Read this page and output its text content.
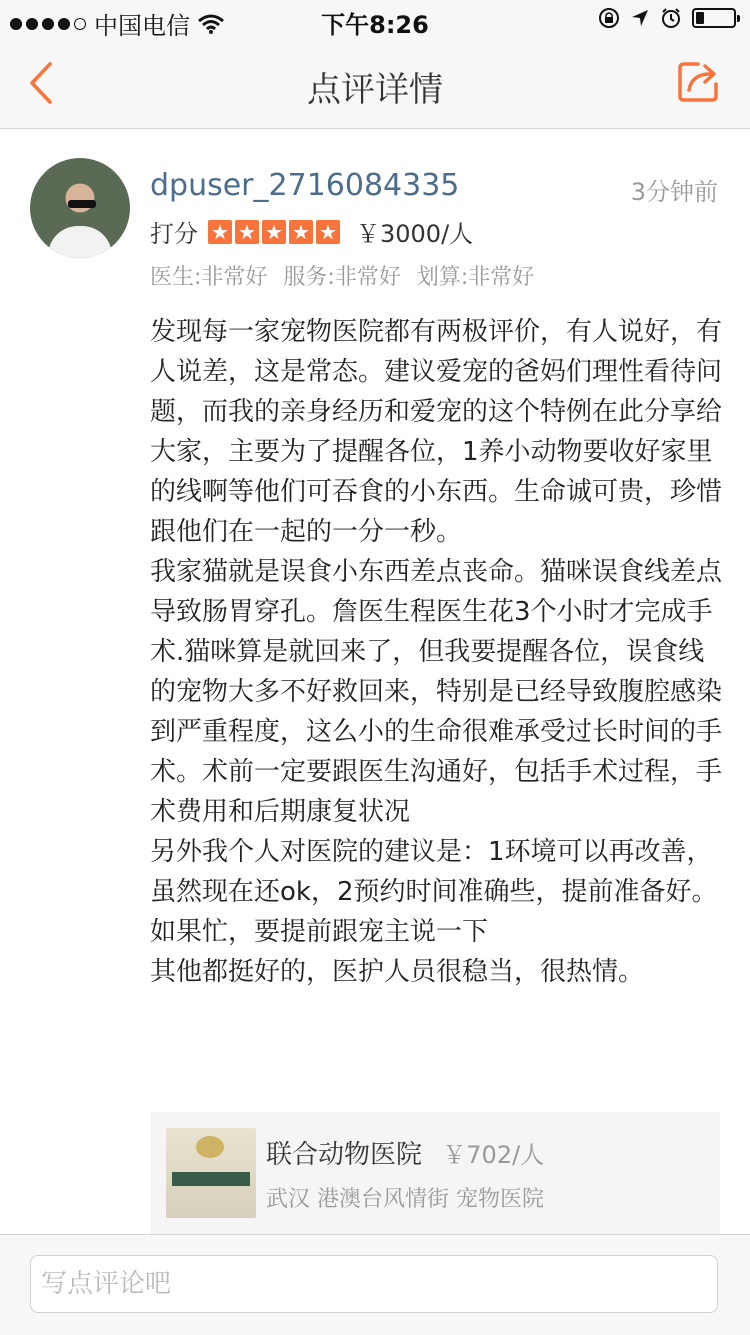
中国电信	下午8:26
点评详情
dpuser_2716084335	3分钟前
打分 ★ ★ ★ ★ ★ ￥3000/人
医生:非常好 服务:非常好 划算:非常好

发现每一家宠物医院都有两极评价，有人说好，有人说差，这是常态。建议爱宠的爸妈们理性看待问题，而我的亲身经历和爱宠的这个特例在此分享给大家，主要为了提醒各位，1养小动物要收好家里的线啊等他们可吞食的小东西。生命诚可贵，珍惜跟他们在一起的一分一秒。

我家猫就是误食小东西差点丧命。猫咪误食线差点导致肠胃穿孔。詹医生程医生花3个小时才完成手术.猫咪算是就回来了，但我要提醒各位，误食线的宠物大多不好救回来，特别是已经导致腹腔感染到严重程度，这么小的生命很难承受过长时间的手术。术前一定要跟医生沟通好，包括手术过程，手术费用和后期康复状况

另外我个人对医院的建议是：1环境可以再改善，虽然现在还ok，2预约时间准确些，提前准备好。如果忙，要提前跟宠主说一下

其他都挺好的，医护人员很稳当，很热情。

联合动物医院 ￥702/人
武汉 港澳台风情街 宠物医院
写点评论吧
